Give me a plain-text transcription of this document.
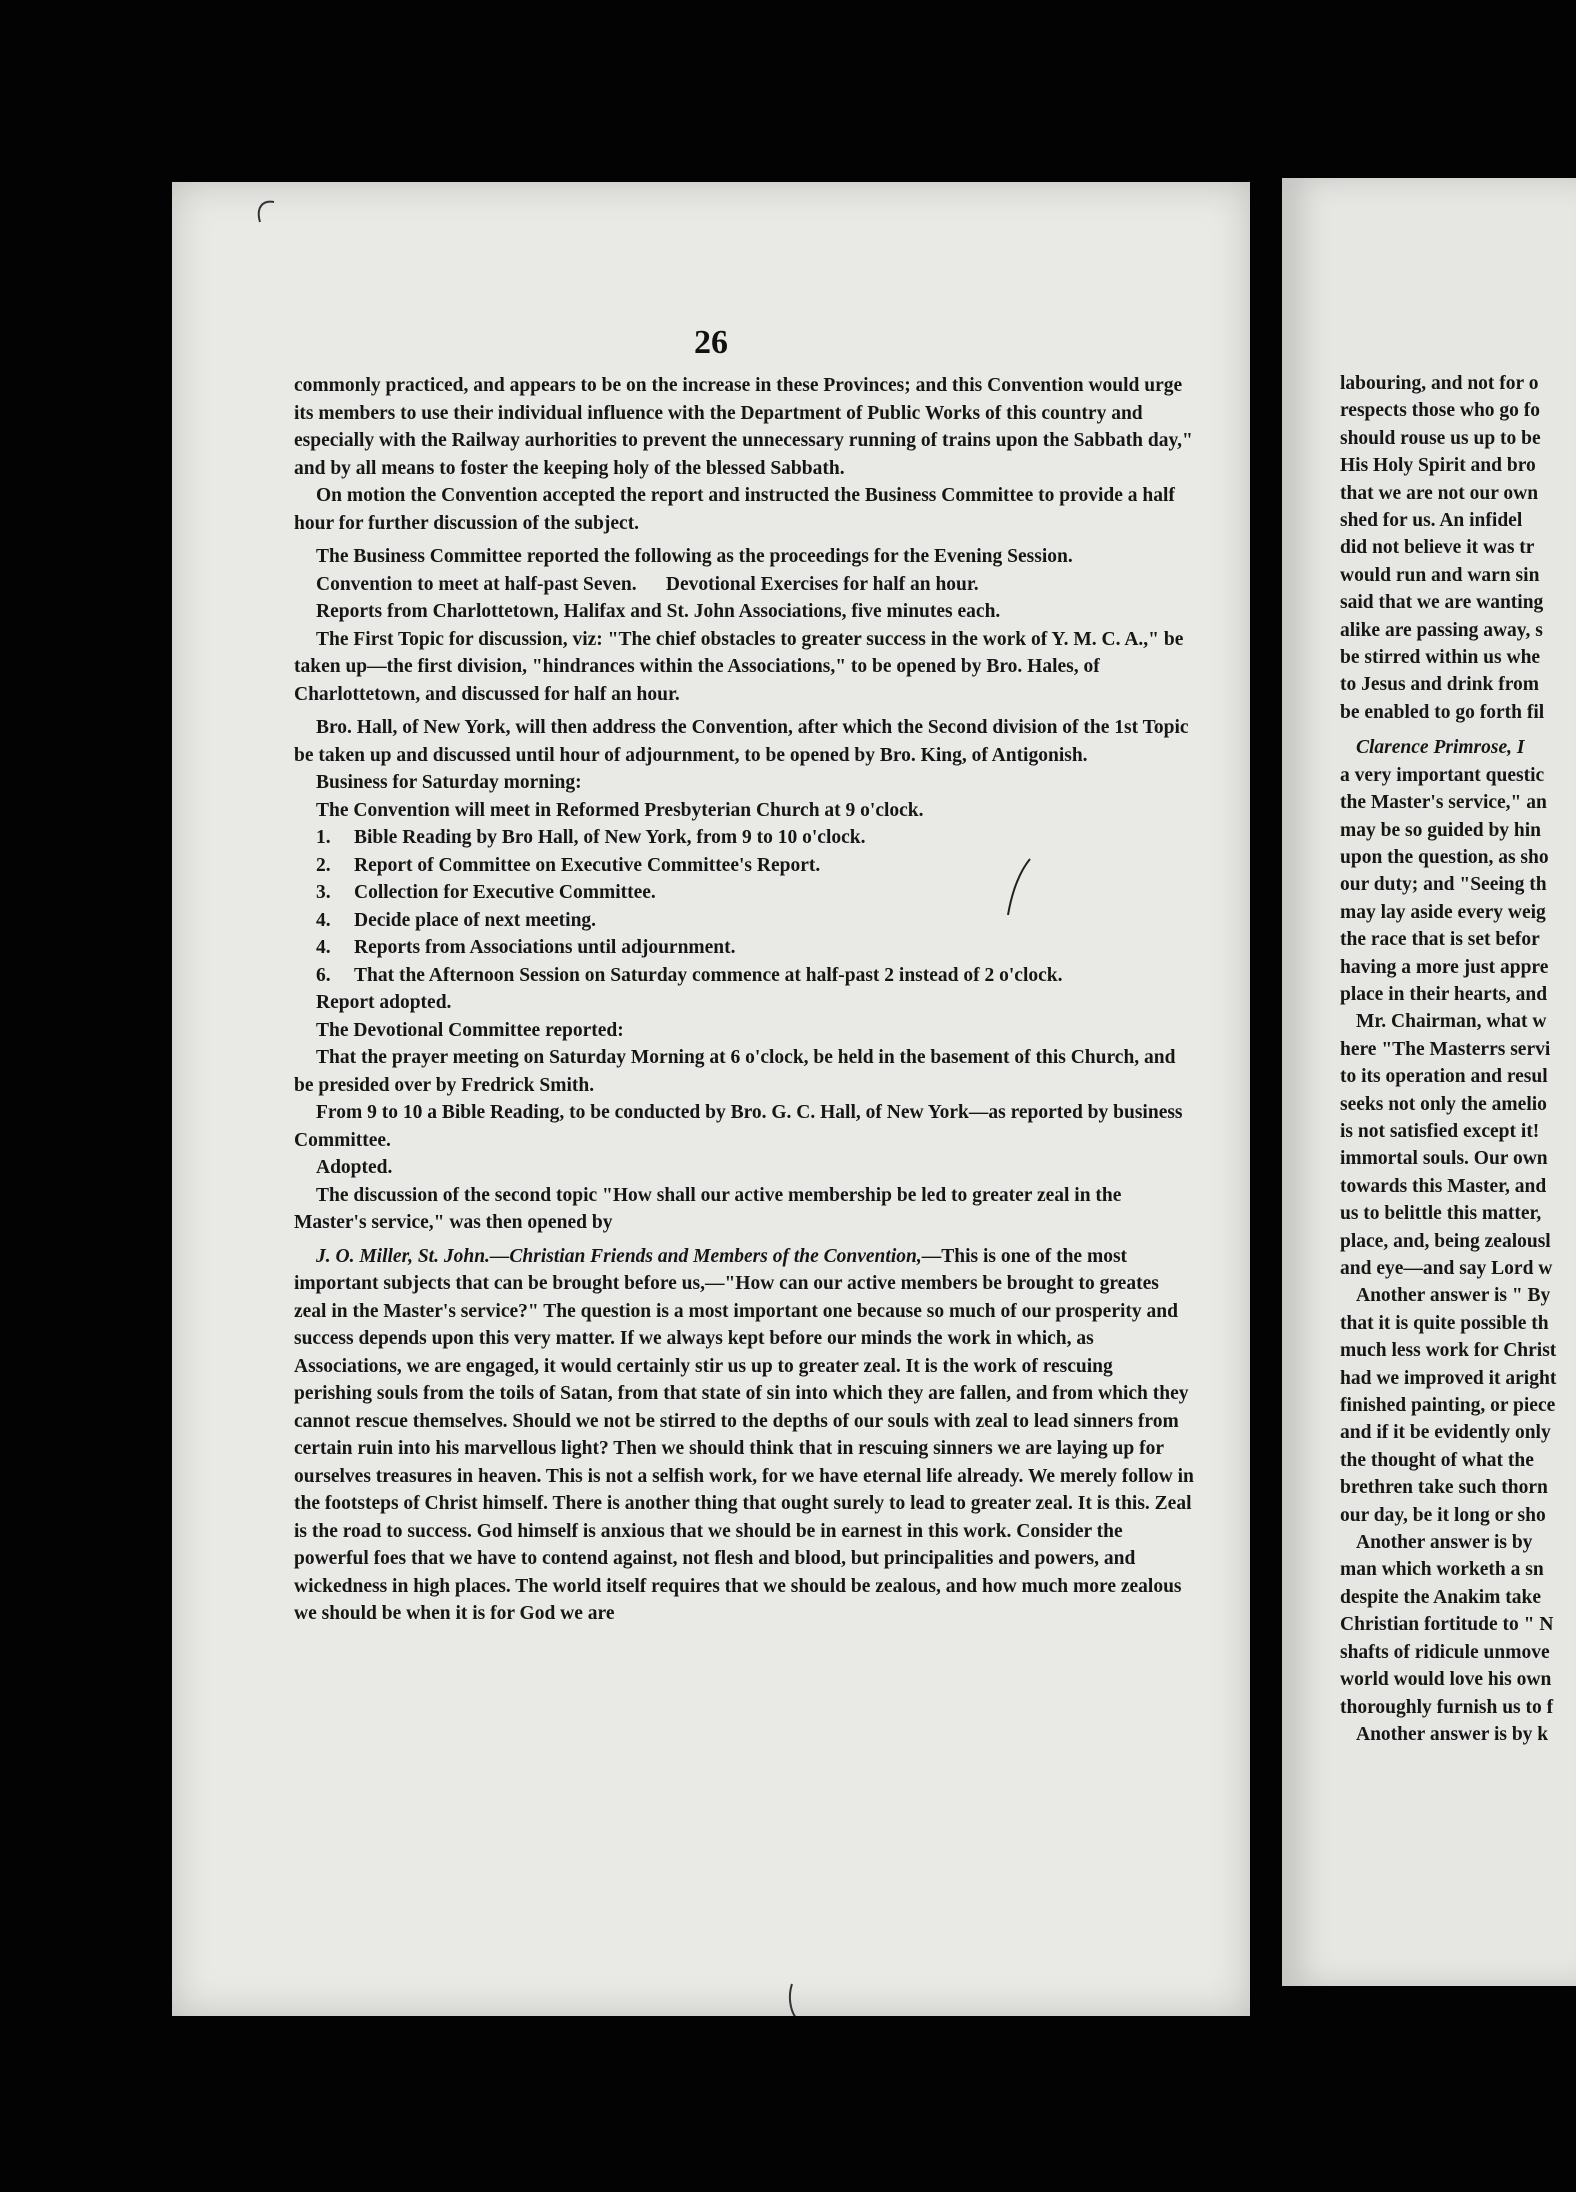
26

commonly practiced, and appears to be on the increase in these Provinces; and this Convention would urge its members to use their individual influence with the Department of Public Works of this country and especially with the Railway aurhorities to prevent the unnecessary running of trains upon the Sabbath day," and by all means to foster the keeping holy of the blessed Sabbath.

On motion the Convention accepted the report and instructed the Business Committee to provide a half hour for further discussion of the subject.

The Business Committee reported the following as the proceedings for the Evening Session.

Convention to meet at half-past Seven.      Devotional Exercises for half an hour.

Reports from Charlottetown, Halifax and St. John Associations, five minutes each.

The First Topic for discussion, viz: "The chief obstacles to greater success in the work of Y. M. C. A.," be taken up—the first division, "hindrances within the Associations," to be opened by Bro. Hales, of Charlottetown, and discussed for half an hour.

Bro. Hall, of New York, will then address the Convention, after which the Second division of the 1st Topic be taken up and discussed until hour of adjournment, to be opened by Bro. King, of Antigonish.

Business for Saturday morning:

The Convention will meet in Reformed Presbyterian Church at 9 o'clock.

1. Bible Reading by Bro Hall, of New York, from 9 to 10 o'clock.

2. Report of Committee on Executive Committee's Report.

3. Collection for Executive Committee.

4. Decide place of next meeting.

4. Reports from Associations until adjournment.

6. That the Afternoon Session on Saturday commence at half-past 2 instead of 2 o'clock.

Report adopted.

The Devotional Committee reported:

That the prayer meeting on Saturday Morning at 6 o'clock, be held in the basement of this Church, and be presided over by Fredrick Smith.

From 9 to 10 a Bible Reading, to be conducted by Bro. G. C. Hall, of New York—as reported by business Committee.

Adopted.

The discussion of the second topic "How shall our active membership be led to greater zeal in the Master's service," was then opened by

J. O. Miller, St. John.—Christian Friends and Members of the Convention,—This is one of the most important subjects that can be brought before us,—"How can our active members be brought to greates zeal in the Master's service?" The question is a most important one because so much of our prosperity and success depends upon this very matter. If we always kept before our minds the work in which, as Associations, we are engaged, it would certainly stir us up to greater zeal. It is the work of rescuing perishing souls from the toils of Satan, from that state of sin into which they are fallen, and from which they cannot rescue themselves. Should we not be stirred to the depths of our souls with zeal to lead sinners from certain ruin into his marvellous light? Then we should think that in rescuing sinners we are laying up for ourselves treasures in heaven. This is not a selfish work, for we have eternal life already. We merely follow in the footsteps of Christ himself. There is another thing that ought surely to lead to greater zeal. It is this. Zeal is the road to success. God himself is anxious that we should be in earnest in this work. Consider the powerful foes that we have to contend against, not flesh and blood, but principalities and powers, and wickedness in high places. The world itself requires that we should be zealous, and how much more zealous we should be when it is for God we are

labouring, and not for o

respects those who go fo

should rouse us up to be

His Holy Spirit and bro

that we are not our own

shed for us. An infidel

did not believe it was tr

would run and warn sin

said that we are wanting

alike are passing away, s

be stirred within us whe

to Jesus and drink from

be enabled to go forth fil

Clarence Primrose, I

a very important questic

the Master's service," an

may be so guided by hin

upon the question, as sho

our duty; and "Seeing th

may lay aside every weig

the race that is set befor

having a more just appre

place in their hearts, and

Mr. Chairman, what w

here "The Masterrs servi

to its operation and resul

seeks not only the amelio

is not satisfied except it!

immortal souls. Our own

towards this Master, and

us to belittle this matter,

place, and, being zealousl

and eye—and say Lord w

Another answer is " By

that it is quite possible th

much less work for Christ

had we improved it aright

finished painting, or piece

and if it be evidently only

the thought of what the

brethren take such thorn

our day, be it long or sho

Another answer is by

man which worketh a sn

despite the Anakim take

Christian fortitude to " N

shafts of ridicule unmove

world would love his own

thoroughly furnish us to f

Another answer is by k
